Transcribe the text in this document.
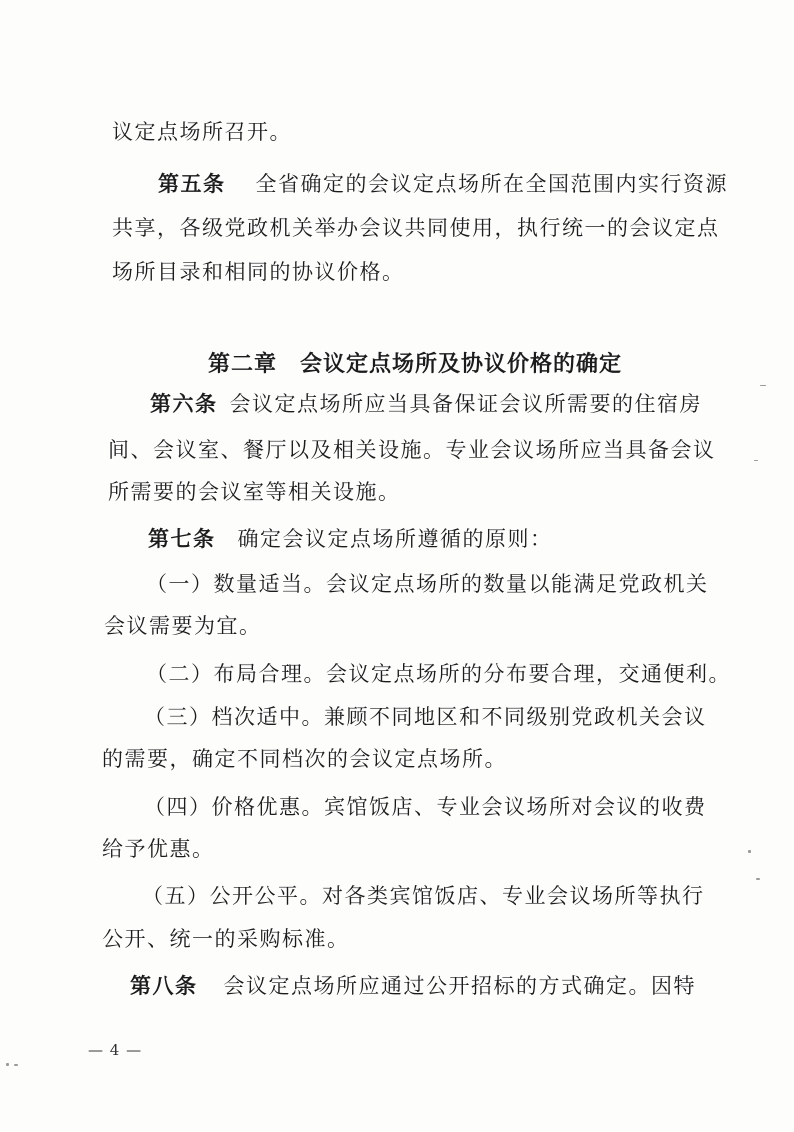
议定点场所召开。
第五条 全省确定的会议定点场所在全国范围内实行资源
共享，各级党政机关举办会议共同使用，执行统一的会议定点
场所目录和相同的协议价格。
第二章　会议定点场所及协议价格的确定
第六条 会议定点场所应当具备保证会议所需要的住宿房
间、会议室、餐厅以及相关设施。专业会议场所应当具备会议
所需要的会议室等相关设施。
第七条 确定会议定点场所遵循的原则：
（一）数量适当。会议定点场所的数量以能满足党政机关
会议需要为宜。
（二）布局合理。会议定点场所的分布要合理，交通便利。
（三）档次适中。兼顾不同地区和不同级别党政机关会议
的需要，确定不同档次的会议定点场所。
（四）价格优惠。宾馆饭店、专业会议场所对会议的收费
给予优惠。
（五）公开公平。对各类宾馆饭店、专业会议场所等执行
公开、统一的采购标准。
第八条 会议定点场所应通过公开招标的方式确定。因特
— 4 —
